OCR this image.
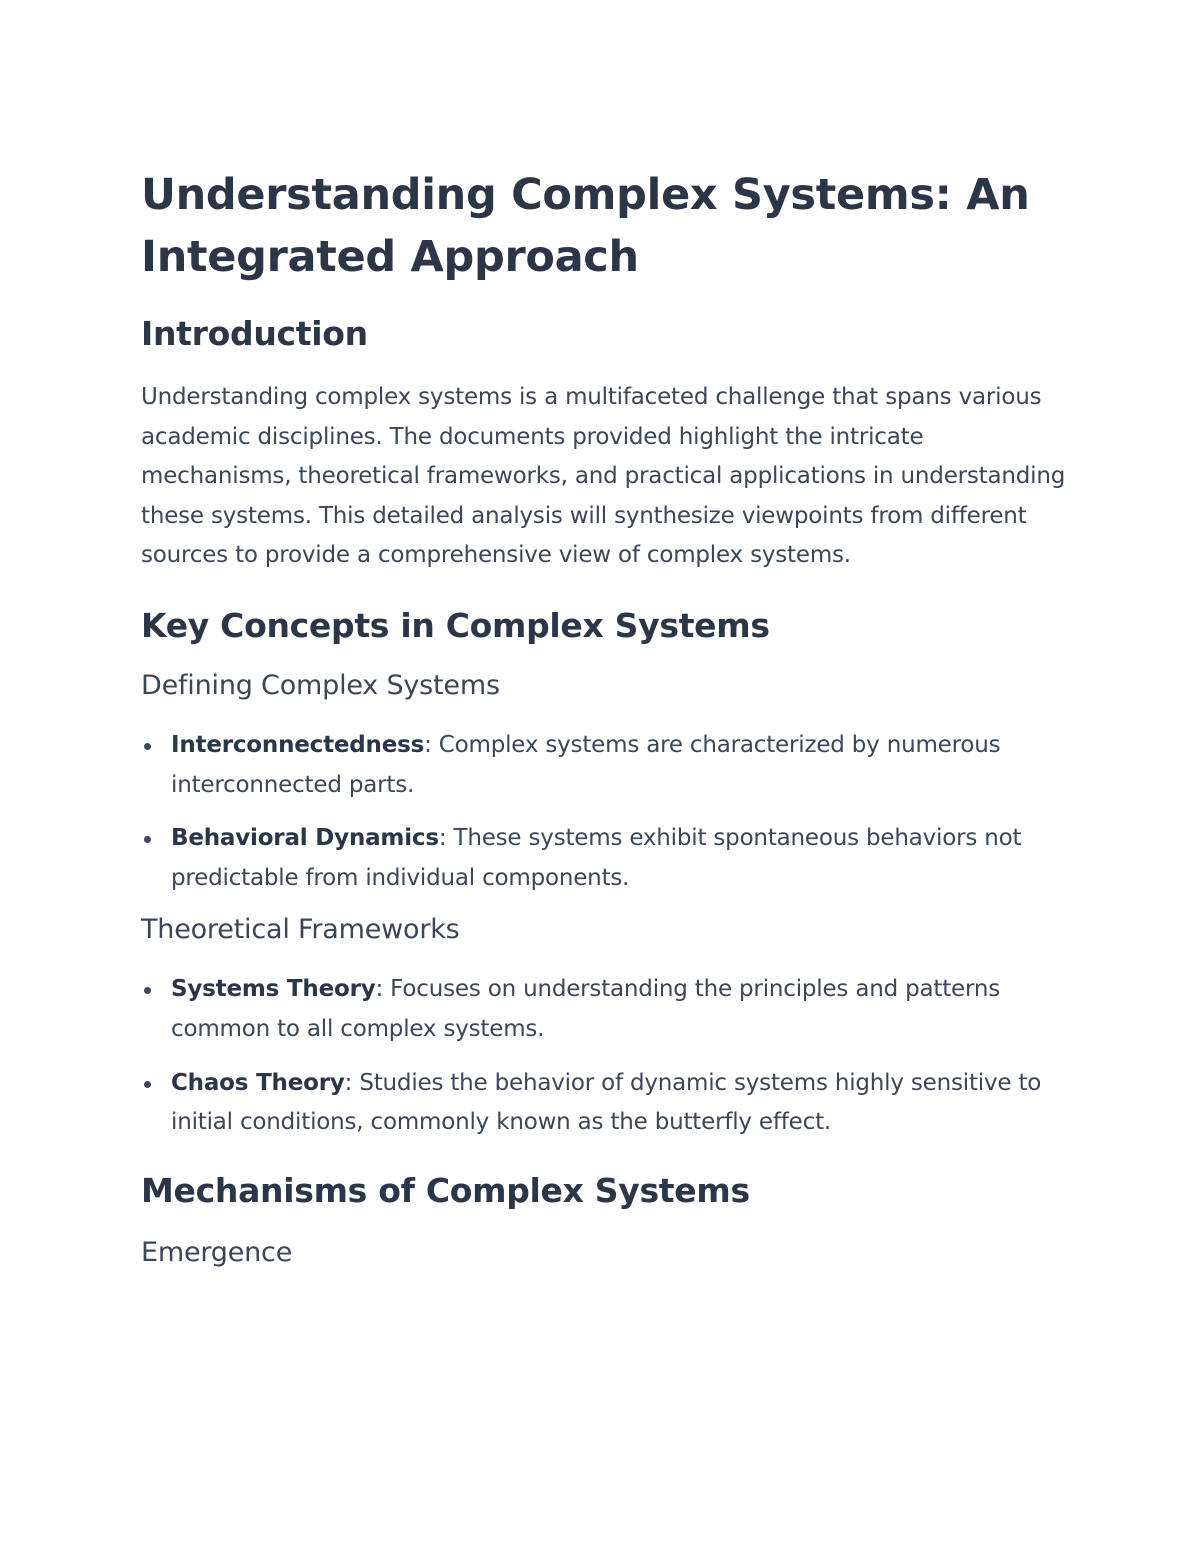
Understanding Complex Systems: An Integrated Approach
Introduction

Understanding complex systems is a multifaceted challenge that spans various academic disciplines. The documents provided highlight the intricate mechanisms, theoretical frameworks, and practical applications in understanding these systems. This detailed analysis will synthesize viewpoints from different sources to provide a comprehensive view of complex systems.

Key Concepts in Complex Systems
Defining Complex Systems
Interconnectedness: Complex systems are characterized by numerous interconnected parts.
Behavioral Dynamics: These systems exhibit spontaneous behaviors not predictable from individual components.
Theoretical Frameworks
Systems Theory: Focuses on understanding the principles and patterns common to all complex systems.
Chaos Theory: Studies the behavior of dynamic systems highly sensitive to initial conditions, commonly known as the butterfly effect.
Mechanisms of Complex Systems
Emergence
